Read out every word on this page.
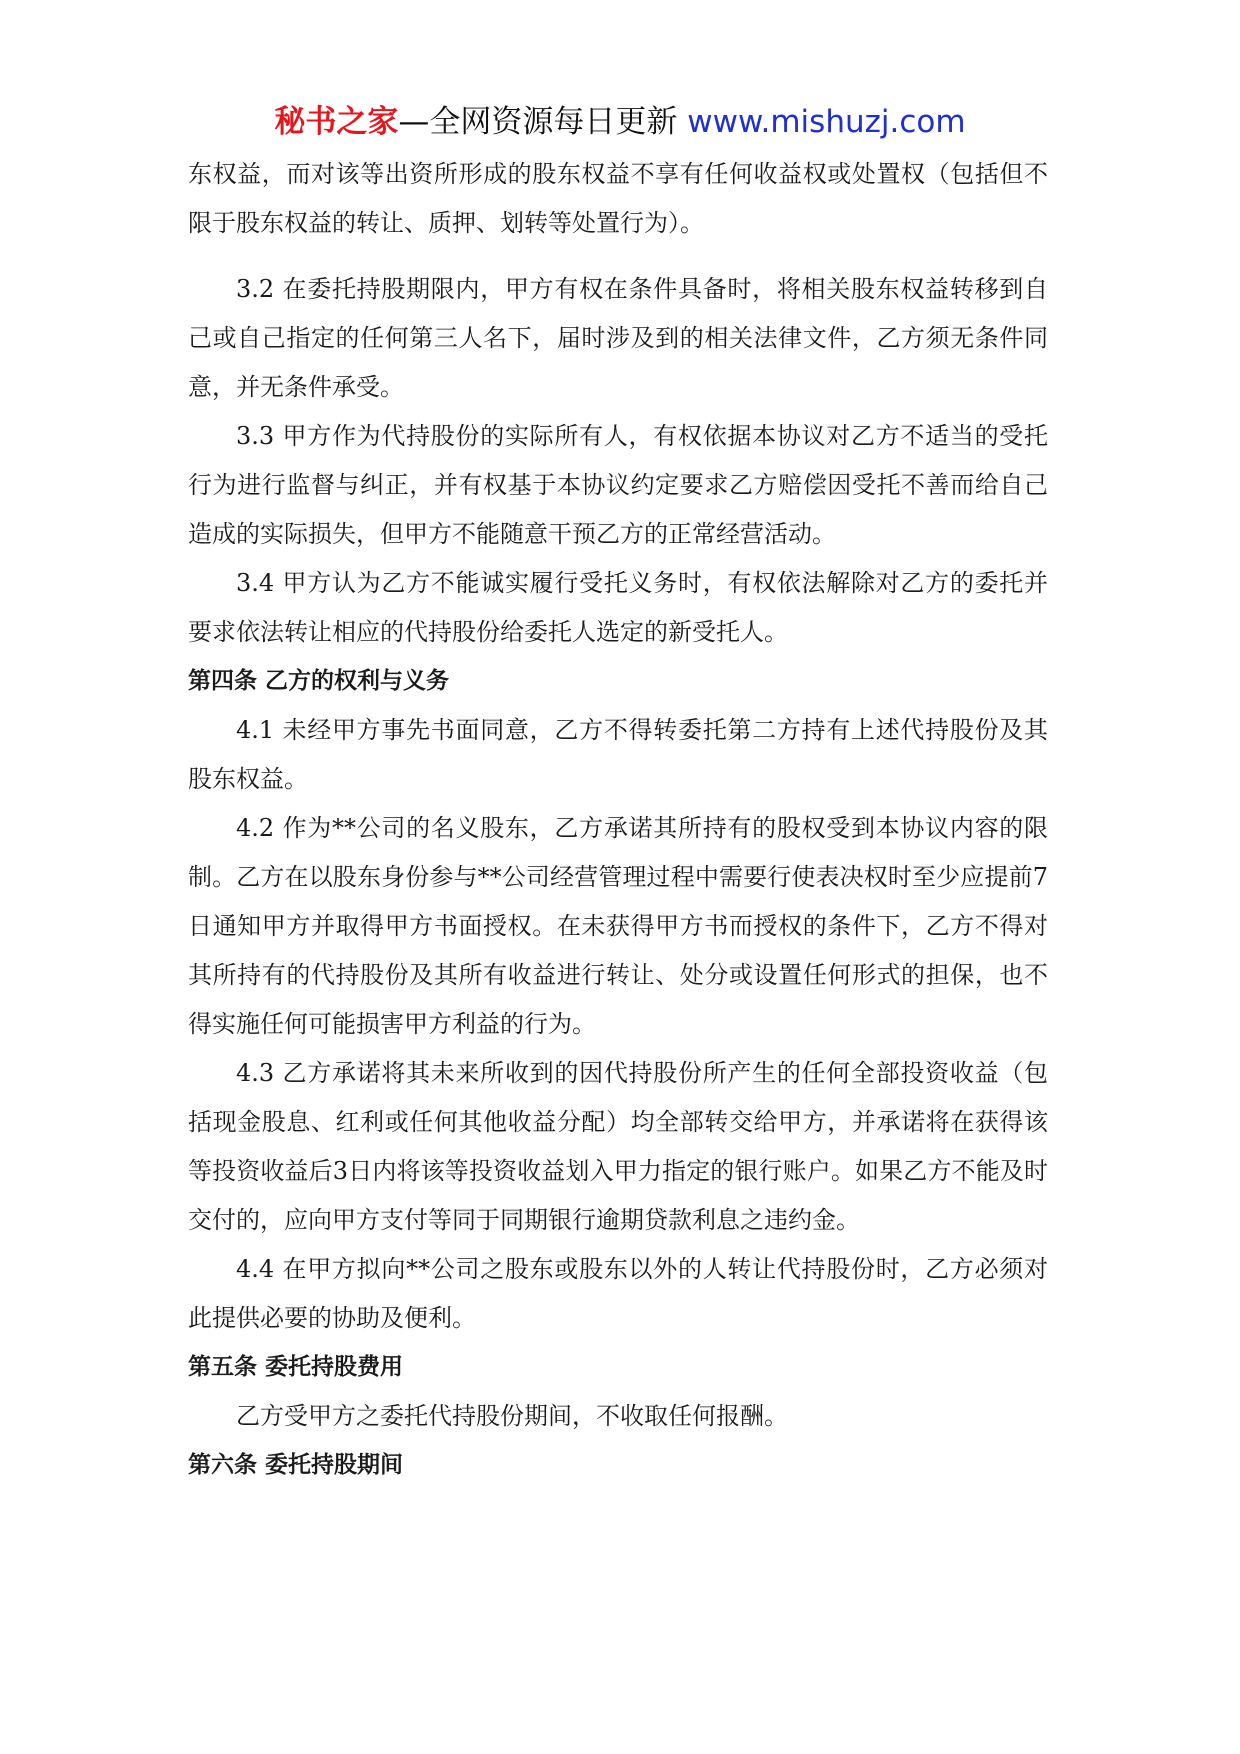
秘书之家—全网资源每日更新 www.mishuzj.com

东权益，而对该等出资所形成的股东权益不享有任何收益权或处置权（包括但不限于股东权益的转让、质押、划转等处置行为）。

3.2 在委托持股期限内，甲方有权在条件具备时，将相关股东权益转移到自己或自己指定的任何第三人名下，届时涉及到的相关法律文件，乙方须无条件同意，并无条件承受。

3.3 甲方作为代持股份的实际所有人，有权依据本协议对乙方不适当的受托行为进行监督与纠正，并有权基于本协议约定要求乙方赔偿因受托不善而给自己造成的实际损失，但甲方不能随意干预乙方的正常经营活动。

3.4 甲方认为乙方不能诚实履行受托义务时，有权依法解除对乙方的委托并要求依法转让相应的代持股份给委托人选定的新受托人。

第四条 乙方的权利与义务

4.1 未经甲方事先书面同意，乙方不得转委托第二方持有上述代持股份及其股东权益。

4.2 作为**公司的名义股东，乙方承诺其所持有的股权受到本协议内容的限制。乙方在以股东身份参与**公司经营管理过程中需要行使表决权时至少应提前7 日通知甲方并取得甲方书面授权。在未获得甲方书而授权的条件下，乙方不得对其所持有的代持股份及其所有收益进行转让、处分或设置任何形式的担保，也不得实施任何可能损害甲方利益的行为。

4.3 乙方承诺将其未来所收到的因代持股份所产生的任何全部投资收益（包括现金股息、红利或任何其他收益分配）均全部转交给甲方，并承诺将在获得该等投资收益后3日内将该等投资收益划入甲力指定的银行账户。如果乙方不能及时交付的，应向甲方支付等同于同期银行逾期贷款利息之违约金。

4.4 在甲方拟向**公司之股东或股东以外的人转让代持股份时，乙方必须对此提供必要的协助及便利。

第五条 委托持股费用

乙方受甲方之委托代持股份期间，不收取任何报酬。

第六条 委托持股期间
